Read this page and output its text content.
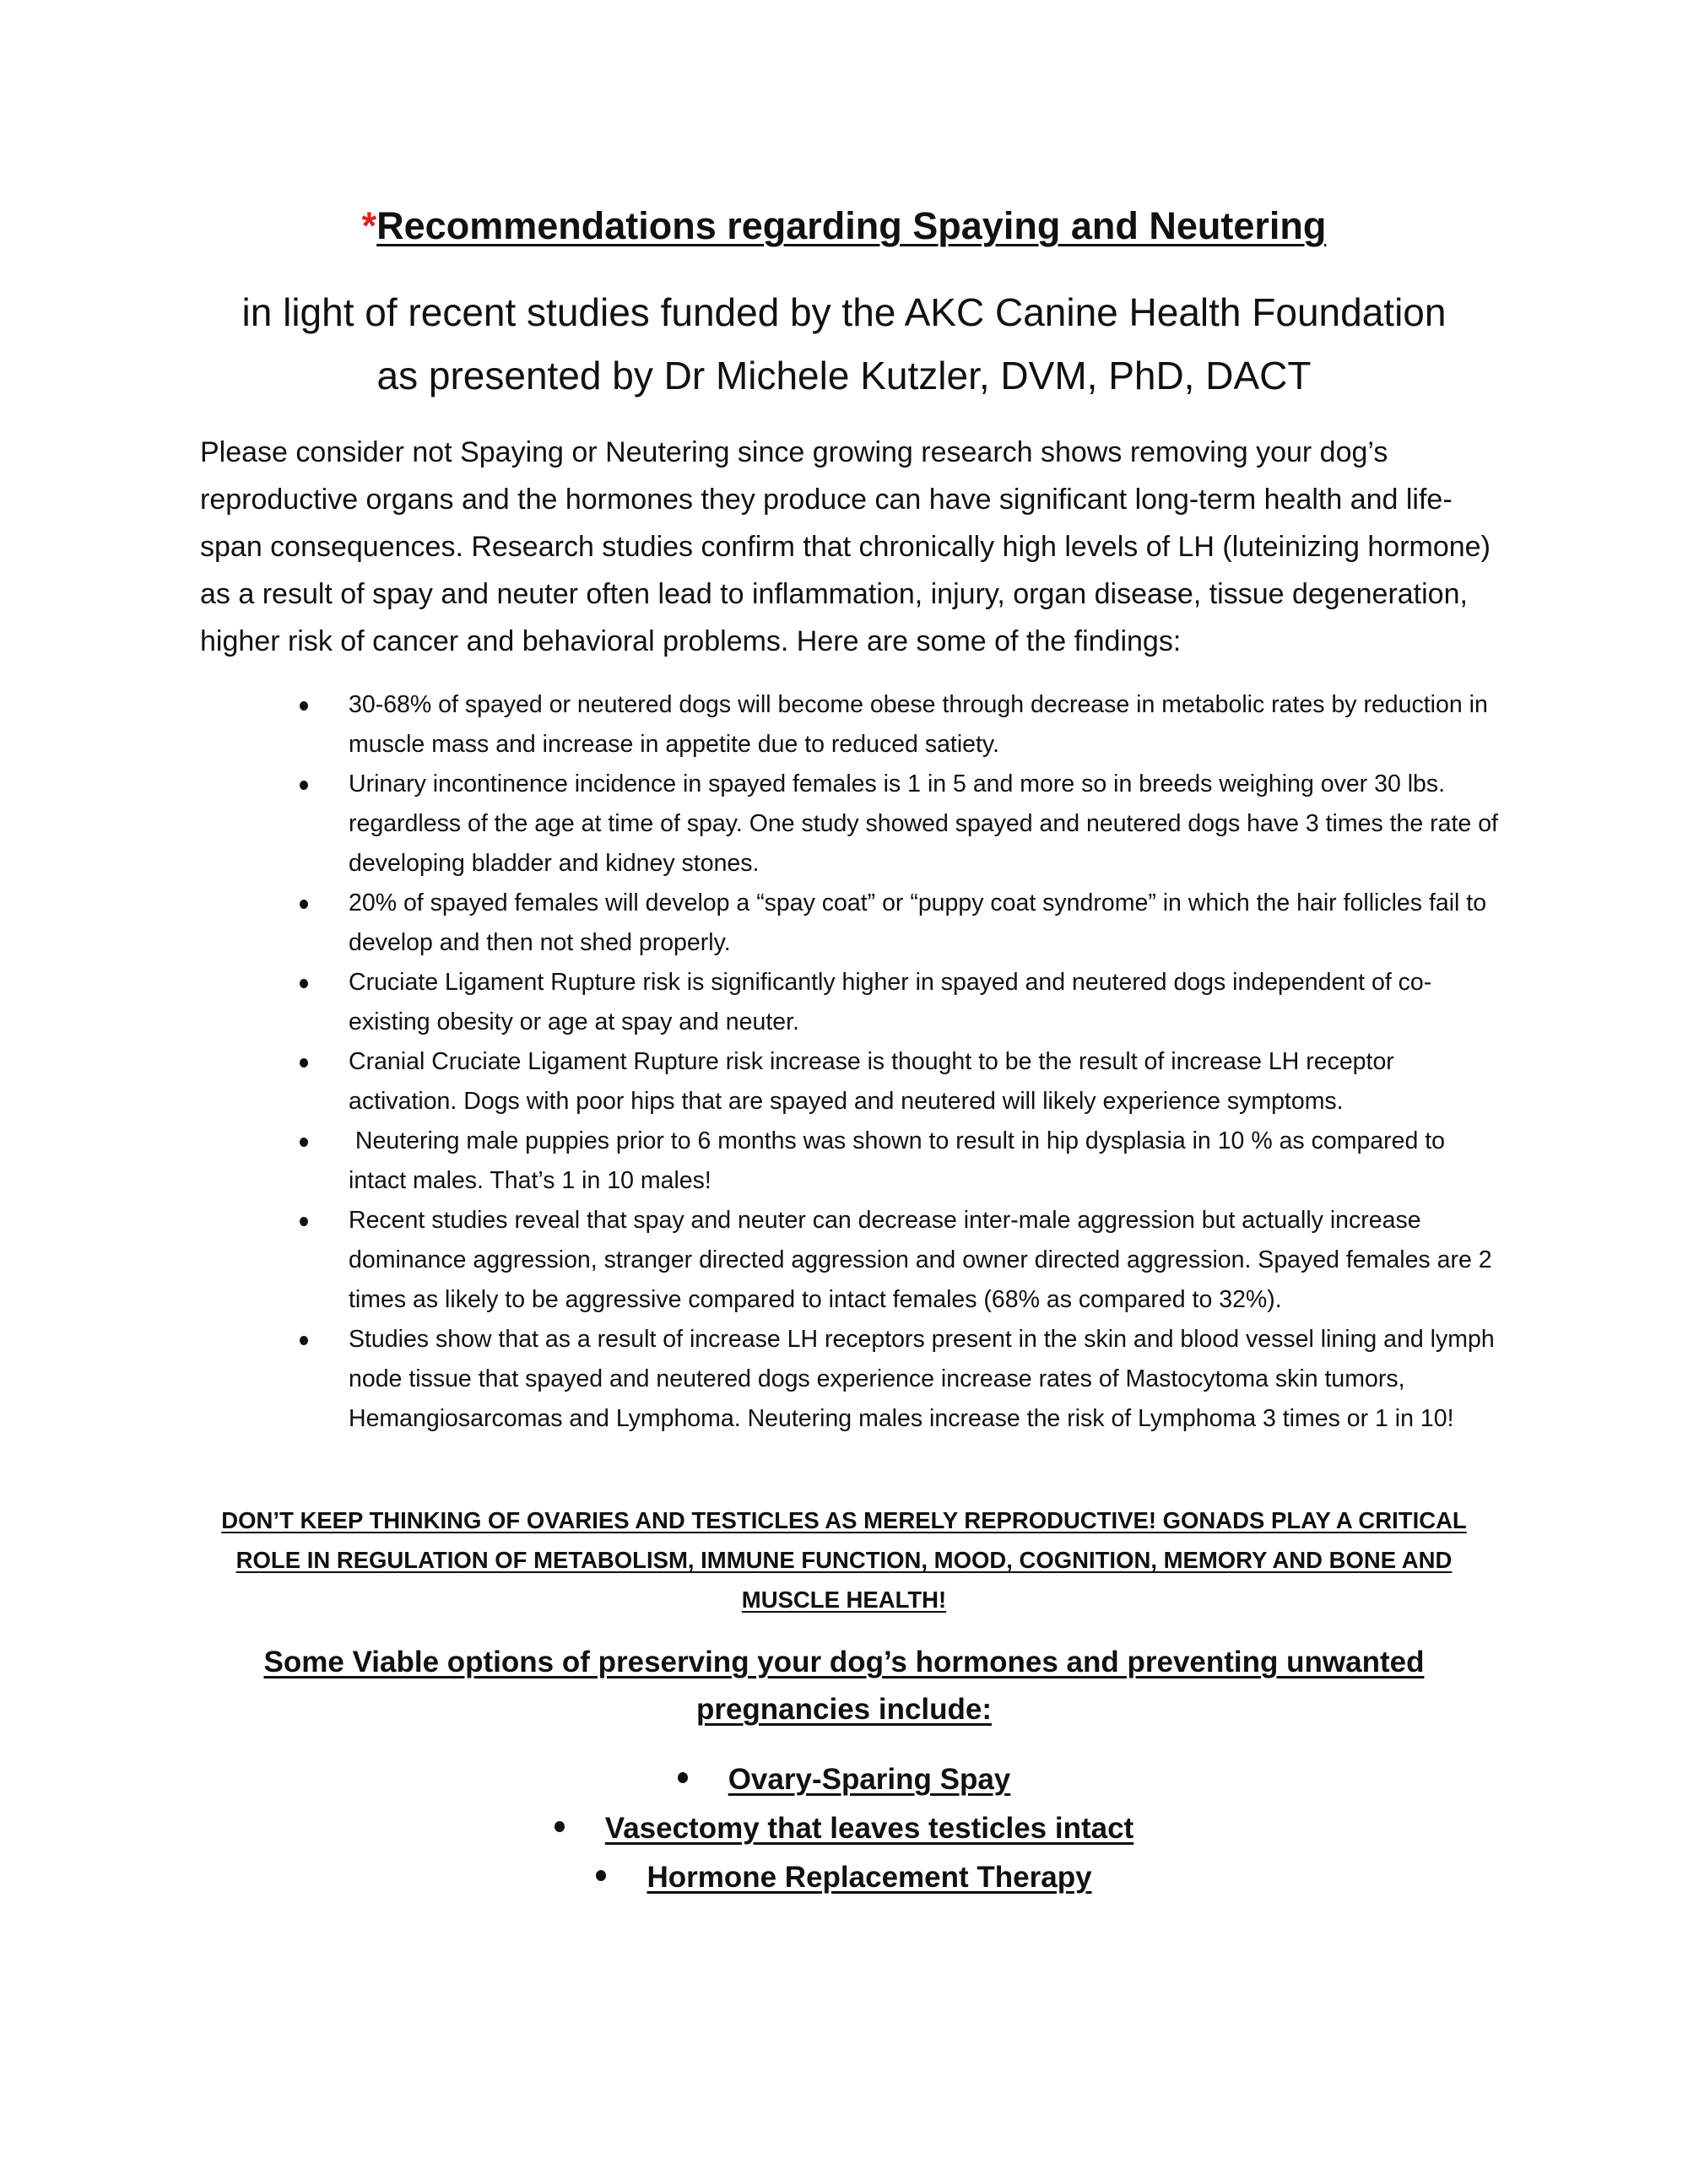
*Recommendations regarding Spaying and Neutering
in light of recent studies funded by the AKC Canine Health Foundation
as presented by Dr Michele Kutzler, DVM, PhD, DACT

Please consider not Spaying or Neutering since growing research shows removing your dog’s reproductive organs and the hormones they produce can have significant long-term health and life-span consequences. Research studies confirm that chronically high levels of LH (luteinizing hormone) as a result of spay and neuter often lead to inflammation, injury, organ disease, tissue degeneration, higher risk of cancer and behavioral problems. Here are some of the findings:

30-68% of spayed or neutered dogs will become obese through decrease in metabolic rates by reduction in muscle mass and increase in appetite due to reduced satiety.
Urinary incontinence incidence in spayed females is 1 in 5 and more so in breeds weighing over 30 lbs. regardless of the age at time of spay. One study showed spayed and neutered dogs have 3 times the rate of developing bladder and kidney stones.
20% of spayed females will develop a “spay coat” or “puppy coat syndrome” in which the hair follicles fail to develop and then not shed properly.
Cruciate Ligament Rupture risk is significantly higher in spayed and neutered dogs independent of co-existing obesity or age at spay and neuter.
Cranial Cruciate Ligament Rupture risk increase is thought to be the result of increase LH receptor activation. Dogs with poor hips that are spayed and neutered will likely experience symptoms.
Neutering male puppies prior to 6 months was shown to result in hip dysplasia in 10 % as compared to intact males. That’s 1 in 10 males!
Recent studies reveal that spay and neuter can decrease inter-male aggression but actually increase dominance aggression, stranger directed aggression and owner directed aggression. Spayed females are 2 times as likely to be aggressive compared to intact females (68% as compared to 32%).
Studies show that as a result of increase LH receptors present in the skin and blood vessel lining and lymph node tissue that spayed and neutered dogs experience increase rates of Mastocytoma skin tumors, Hemangiosarcomas and Lymphoma. Neutering males increase the risk of Lymphoma 3 times or 1 in 10!
DON’T KEEP THINKING OF OVARIES AND TESTICLES AS MERELY REPRODUCTIVE! GONADS PLAY A CRITICAL ROLE IN REGULATION OF METABOLISM, IMMUNE FUNCTION, MOOD, COGNITION, MEMORY AND BONE AND MUSCLE HEALTH!
Some Viable options of preserving your dog’s hormones and preventing unwanted pregnancies include:
Ovary-Sparing Spay
Vasectomy that leaves testicles intact
Hormone Replacement Therapy
